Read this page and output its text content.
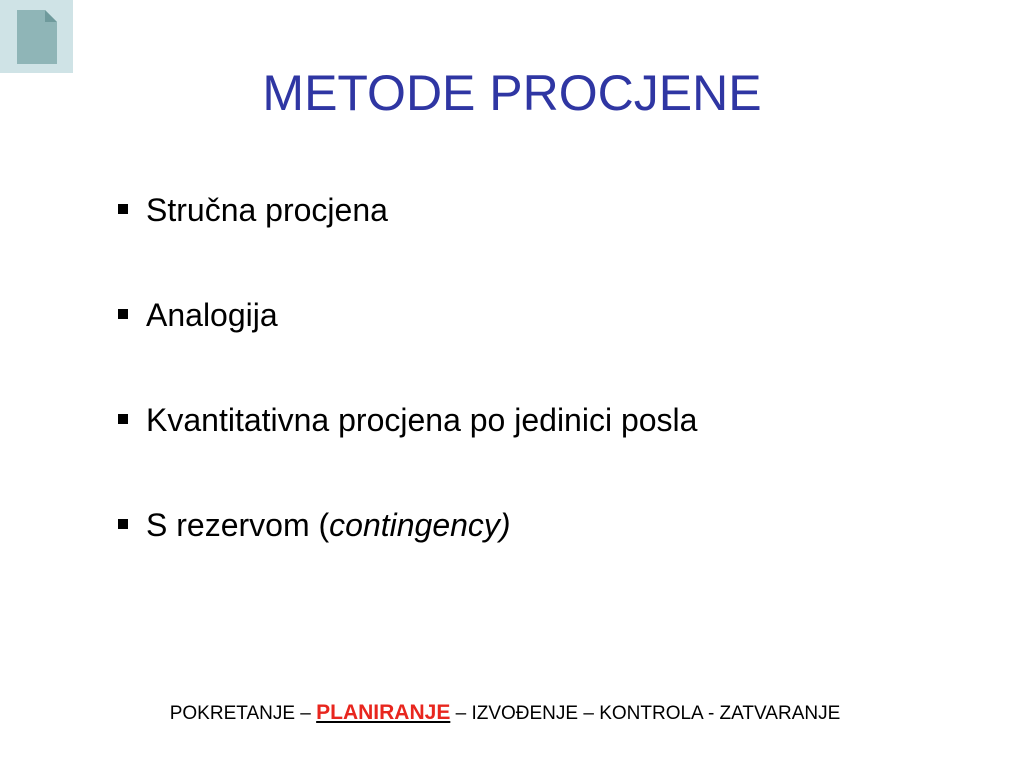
METODE PROCJENE
Stručna procjena
Analogija
Kvantitativna procjena po jedinici posla
S rezervom (contingency)
POKRETANJE – PLANIRANJE – IZVOĐENJE – KONTROLA - ZATVARANJE
